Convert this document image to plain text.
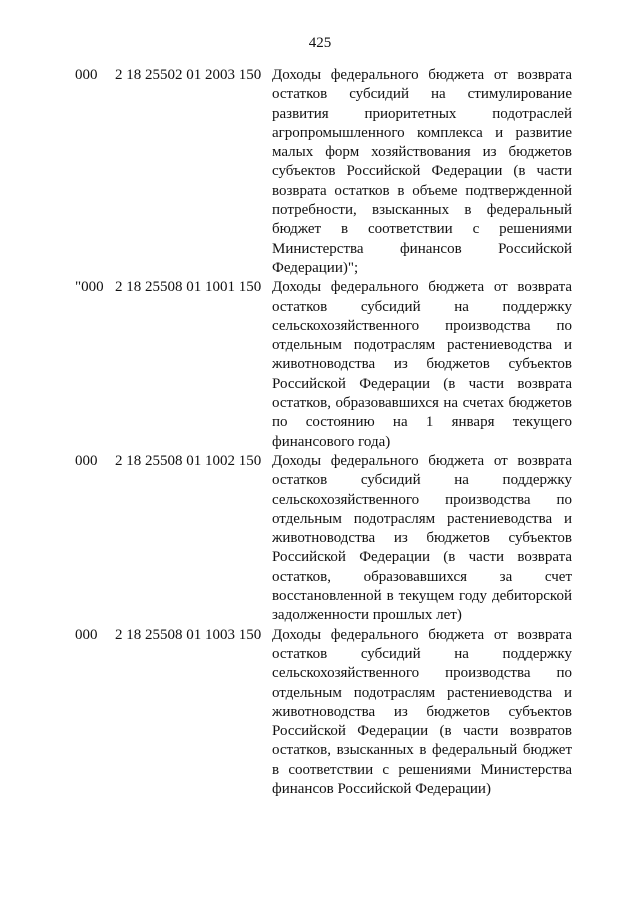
425
000 2 18 25502 01 2003 150 Доходы федерального бюджета от возврата
остатков субсидий на стимулирование
развития приоритетных подотраслей
агропромышленного комплекса и развитие
малых форм хозяйствования из бюджетов
субъектов Российской Федерации (в части
возврата остатков в объеме подтвержденной
потребности, взысканных в федеральный
бюджет в соответствии с решениями
Министерства финансов Российской
Федерации)";
"000 2 18 25508 01 1001 150 Доходы федерального бюджета от возврата
остатков субсидий на поддержку
сельскохозяйственного производства по
отдельным подотраслям растениеводства и
животноводства из бюджетов субъектов
Российской Федерации (в части возврата
остатков, образовавшихся на счетах бюджетов
по состоянию на 1 января текущего
финансового года)
000 2 18 25508 01 1002 150 Доходы федерального бюджета от возврата
остатков субсидий на поддержку
сельскохозяйственного производства по
отдельным подотраслям растениеводства и
животноводства из бюджетов субъектов
Российской Федерации (в части возврата
остатков, образовавшихся за счет
восстановленной в текущем году дебиторской
задолженности прошлых лет)
000 2 18 25508 01 1003 150 Доходы федерального бюджета от возврата
остатков субсидий на поддержку
сельскохозяйственного производства по
отдельным подотраслям растениеводства и
животноводства из бюджетов субъектов
Российской Федерации (в части возвратов
остатков, взысканных в федеральный бюджет
в соответствии с решениями Министерства
финансов Российской Федерации)
